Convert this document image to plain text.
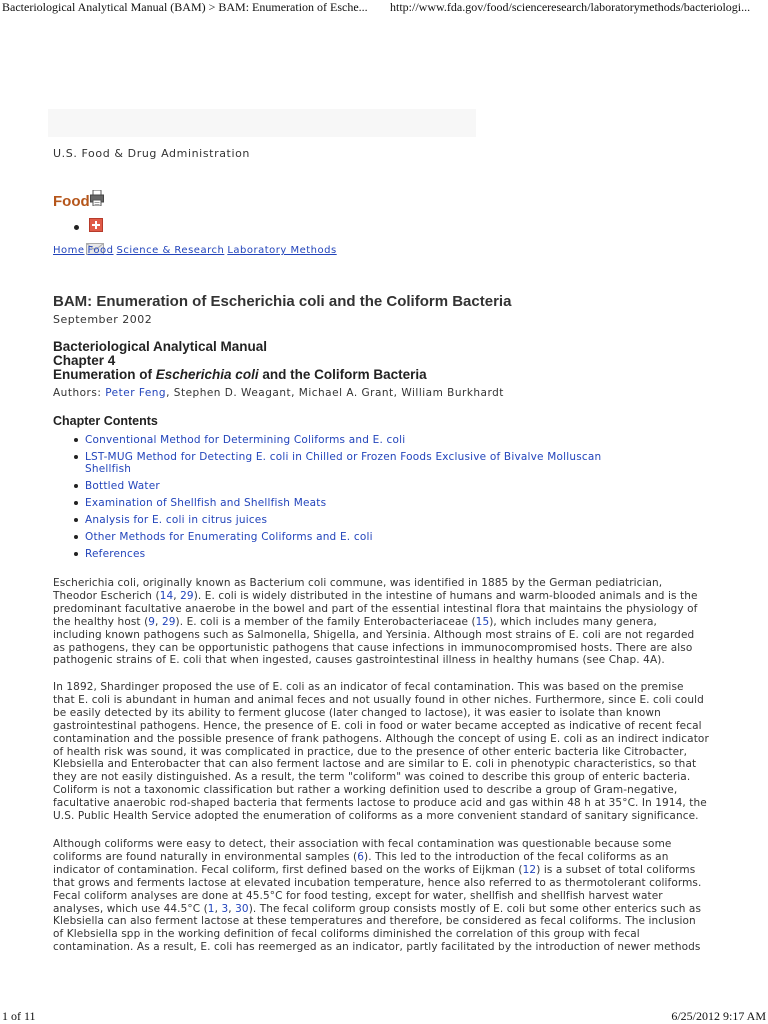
Bacteriological Analytical Manual (BAM) > BAM: Enumeration of Esche... http://www.fda.gov/food/scienceresearch/laboratorymethods/bacteriologi...
U.S. Food & Drug Administration
Food
Home Food Science & Research Laboratory Methods
BAM: Enumeration of Escherichia coli and the Coliform Bacteria
September 2002
Bacteriological Analytical Manual
Chapter 4
Enumeration of Escherichia coli and the Coliform Bacteria
Authors: Peter Feng, Stephen D. Weagant, Michael A. Grant, William Burkhardt
Chapter Contents
Conventional Method for Determining Coliforms and E. coli
LST-MUG Method for Detecting E. coli in Chilled or Frozen Foods Exclusive of Bivalve Molluscan
Shellfish
Bottled Water
Examination of Shellfish and Shellfish Meats
Analysis for E. coli in citrus juices
Other Methods for Enumerating Coliforms and E. coli
References
Escherichia coli, originally known as Bacterium coli commune, was identified in 1885 by the German pediatrician,
Theodor Escherich (14, 29). E. coli is widely distributed in the intestine of humans and warm-blooded animals and is the
predominant facultative anaerobe in the bowel and part of the essential intestinal flora that maintains the physiology of
the healthy host (9, 29). E. coli is a member of the family Enterobacteriaceae (15), which includes many genera,
including known pathogens such as Salmonella, Shigella, and Yersinia. Although most strains of E. coli are not regarded
as pathogens, they can be opportunistic pathogens that cause infections in immunocompromised hosts. There are also
pathogenic strains of E. coli that when ingested, causes gastrointestinal illness in healthy humans (see Chap. 4A).
In 1892, Shardinger proposed the use of E. coli as an indicator of fecal contamination. This was based on the premise
that E. coli is abundant in human and animal feces and not usually found in other niches. Furthermore, since E. coli could
be easily detected by its ability to ferment glucose (later changed to lactose), it was easier to isolate than known
gastrointestinal pathogens. Hence, the presence of E. coli in food or water became accepted as indicative of recent fecal
contamination and the possible presence of frank pathogens. Although the concept of using E. coli as an indirect indicator
of health risk was sound, it was complicated in practice, due to the presence of other enteric bacteria like Citrobacter,
Klebsiella and Enterobacter that can also ferment lactose and are similar to E. coli in phenotypic characteristics, so that
they are not easily distinguished. As a result, the term "coliform" was coined to describe this group of enteric bacteria.
Coliform is not a taxonomic classification but rather a working definition used to describe a group of Gram-negative,
facultative anaerobic rod-shaped bacteria that ferments lactose to produce acid and gas within 48 h at 35°C. In 1914, the
U.S. Public Health Service adopted the enumeration of coliforms as a more convenient standard of sanitary significance.
Although coliforms were easy to detect, their association with fecal contamination was questionable because some
coliforms are found naturally in environmental samples (6). This led to the introduction of the fecal coliforms as an
indicator of contamination. Fecal coliform, first defined based on the works of Eijkman (12) is a subset of total coliforms
that grows and ferments lactose at elevated incubation temperature, hence also referred to as thermotolerant coliforms.
Fecal coliform analyses are done at 45.5°C for food testing, except for water, shellfish and shellfish harvest water
analyses, which use 44.5°C (1, 3, 30). The fecal coliform group consists mostly of E. coli but some other enterics such as
Klebsiella can also ferment lactose at these temperatures and therefore, be considered as fecal coliforms. The inclusion
of Klebsiella spp in the working definition of fecal coliforms diminished the correlation of this group with fecal
contamination. As a result, E. coli has reemerged as an indicator, partly facilitated by the introduction of newer methods
1 of 11	6/25/2012 9:17 AM
